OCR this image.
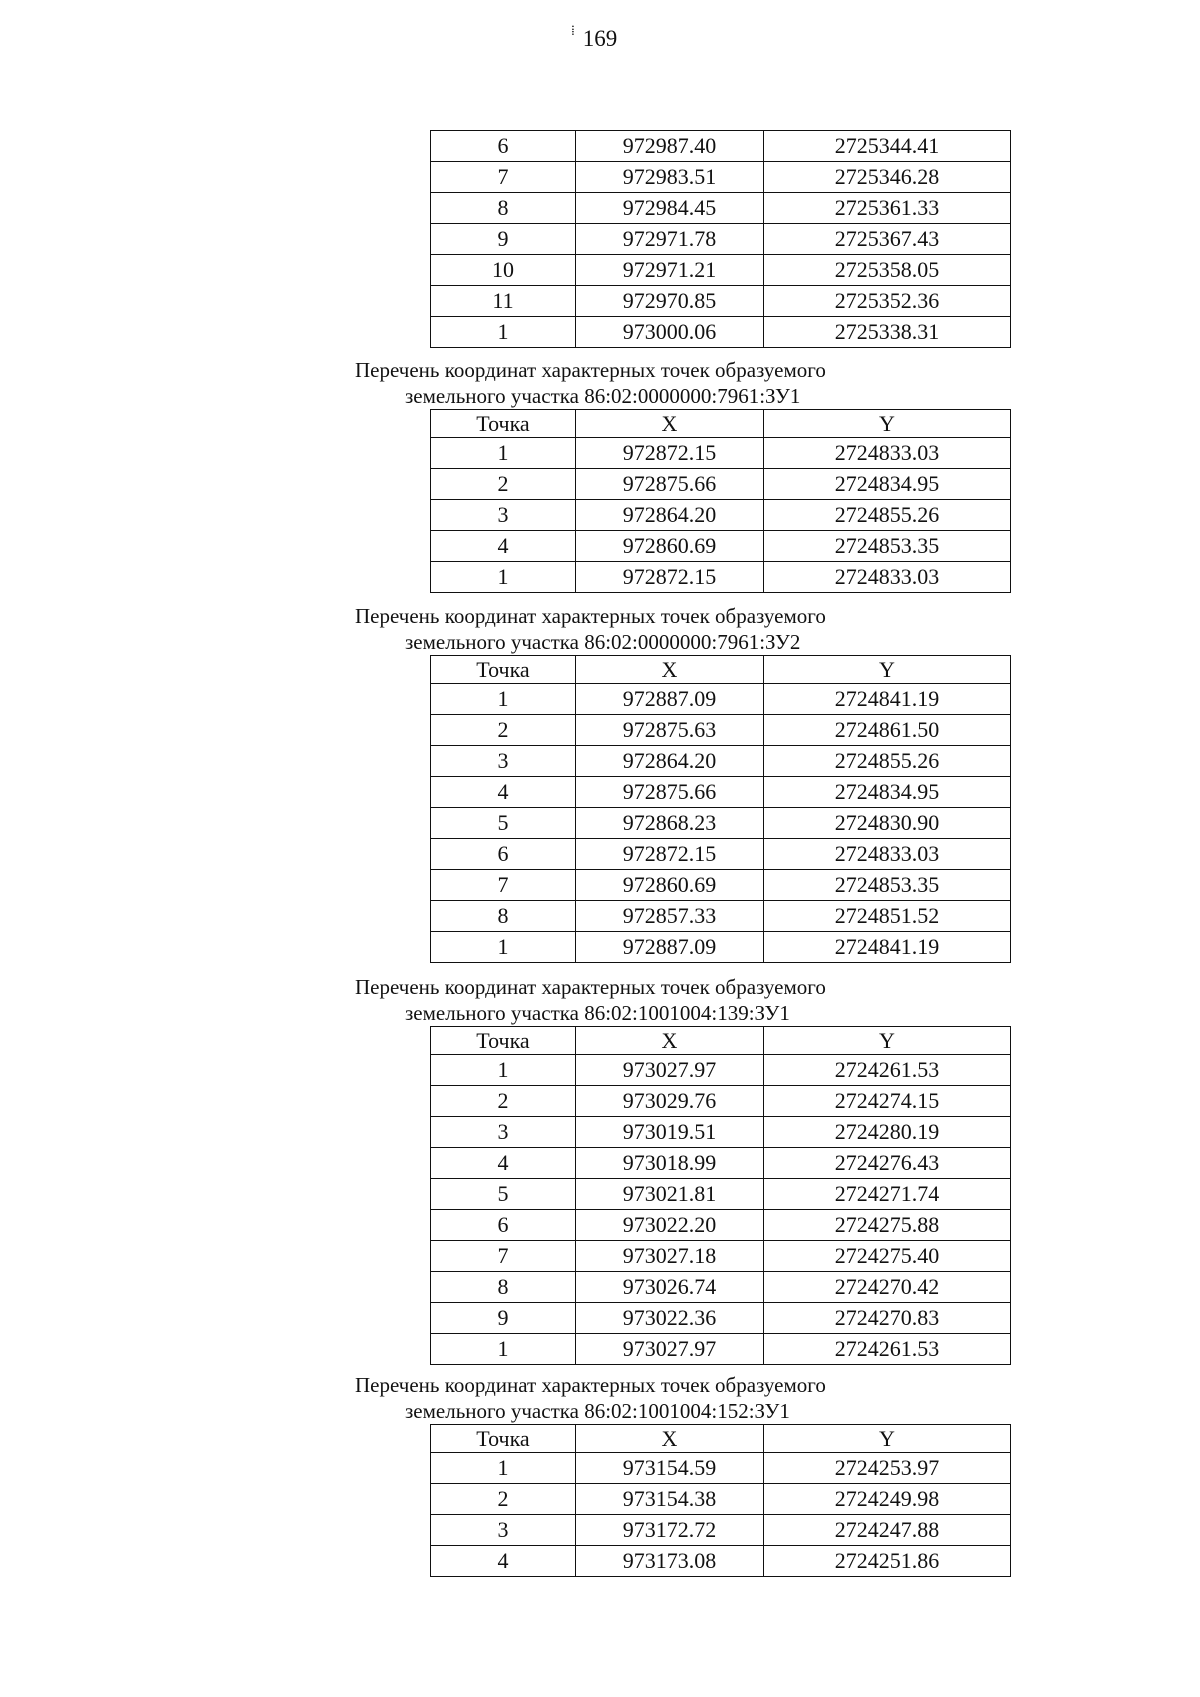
⁞ 169
6	972987.40	2725344.41
7	972983.51	2725346.28
8	972984.45	2725361.33
9	972971.78	2725367.43
10	972971.21	2725358.05
11	972970.85	2725352.36
1	973000.06	2725338.31
Перечень координат характерных точек образуемого
земельного участка 86:02:0000000:7961:ЗУ1
Точка	X	Y
1	972872.15	2724833.03
2	972875.66	2724834.95
3	972864.20	2724855.26
4	972860.69	2724853.35
1	972872.15	2724833.03
Перечень координат характерных точек образуемого
земельного участка 86:02:0000000:7961:ЗУ2
Точка	X	Y
1	972887.09	2724841.19
2	972875.63	2724861.50
3	972864.20	2724855.26
4	972875.66	2724834.95
5	972868.23	2724830.90
6	972872.15	2724833.03
7	972860.69	2724853.35
8	972857.33	2724851.52
1	972887.09	2724841.19
Перечень координат характерных точек образуемого
земельного участка 86:02:1001004:139:ЗУ1
Точка	X	Y
1	973027.97	2724261.53
2	973029.76	2724274.15
3	973019.51	2724280.19
4	973018.99	2724276.43
5	973021.81	2724271.74
6	973022.20	2724275.88
7	973027.18	2724275.40
8	973026.74	2724270.42
9	973022.36	2724270.83
1	973027.97	2724261.53
Перечень координат характерных точек образуемого
земельного участка 86:02:1001004:152:ЗУ1
Точка	X	Y
1	973154.59	2724253.97
2	973154.38	2724249.98
3	973172.72	2724247.88
4	973173.08	2724251.86
